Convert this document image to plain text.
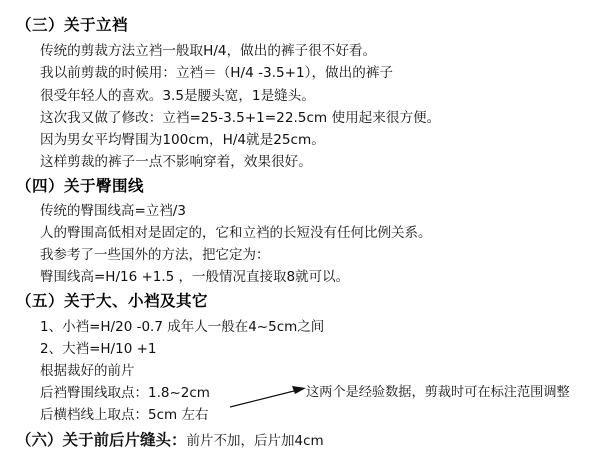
（三）关于立裆
传统的剪裁方法立裆一般取H/4，做出的裤子很不好看。
我以前剪裁的时候用：立裆＝（H/4 -3.5+1），做出的裤子
很受年轻人的喜欢。3.5是腰头宽，1是缝头。
这次我又做了修改：立裆=25-3.5+1=22.5cm 使用起来很方便。
因为男女平均臀围为100cm，H/4就是25cm。
这样剪裁的裤子一点不影响穿着，效果很好。
（四）关于臀围线
传统的臀围线高=立裆/3
人的臀围高低相对是固定的，它和立裆的长短没有任何比例关系。
我参考了一些国外的方法，把它定为：
臀围线高=H/16 +1.5 ，一般情况直接取8就可以。
（五）关于大、小裆及其它
1、小裆=H/20 -0.7 成年人一般在4~5cm之间
2、大裆=H/10 +1
根据裁好的前片
后裆臀围线取点：1.8~2cm	这两个是经验数据，剪裁时可在标注范围调整
后横档线上取点：5cm 左右
（六）关于前后片缝头：前片不加，后片加4cm
